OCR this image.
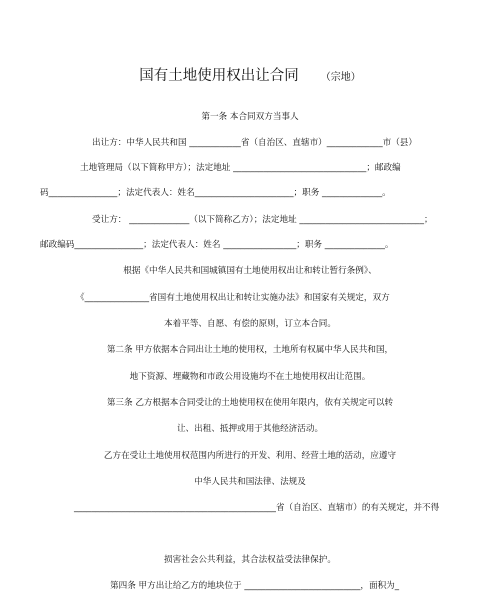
国有土地使用权出让合同 （宗地）
第一条 本合同双方当事人
出让方：中华人民共和国 ____________省（自治区、直辖市）_____________市（县）
土地管理局（以下简称甲方）；法定地址 _______________________________；邮政编
码________________；法定代表人：姓名_______________________；职务 ______________。
受让方： ______________（以下简称乙方）；法定地址 _____________________________；
邮政编码________________；法定代表人：姓名 _________________；职务 ______________。
根据《中华人民共和国城镇国有土地使用权出让和转让暂行条例》、
《_______________省国有土地使用权出让和转让实施办法》和国家有关规定，双方
本着平等、自愿、有偿的原则，订立本合同。
第二条 甲方依据本合同出让土地的使用权，土地所有权属中华人民共和国，
地下资源、埋藏物和市政公用设施均不在土地使用权出让范围。
第三条 乙方根据本合同受让的土地使用权在使用年限内，依有关规定可以转
让、出租、抵押或用于其他经济活动。
乙方在受让土地使用权范围内所进行的开发、利用、经营土地的活动，应遵守
中华人民共和国法律、法规及
_______________________________________________省（自治区、直辖市）的有关规定，并不得
损害社会公共利益，其合法权益受法律保护。
第四条 甲方出让给乙方的地块位于 ___________________________，面积为_
